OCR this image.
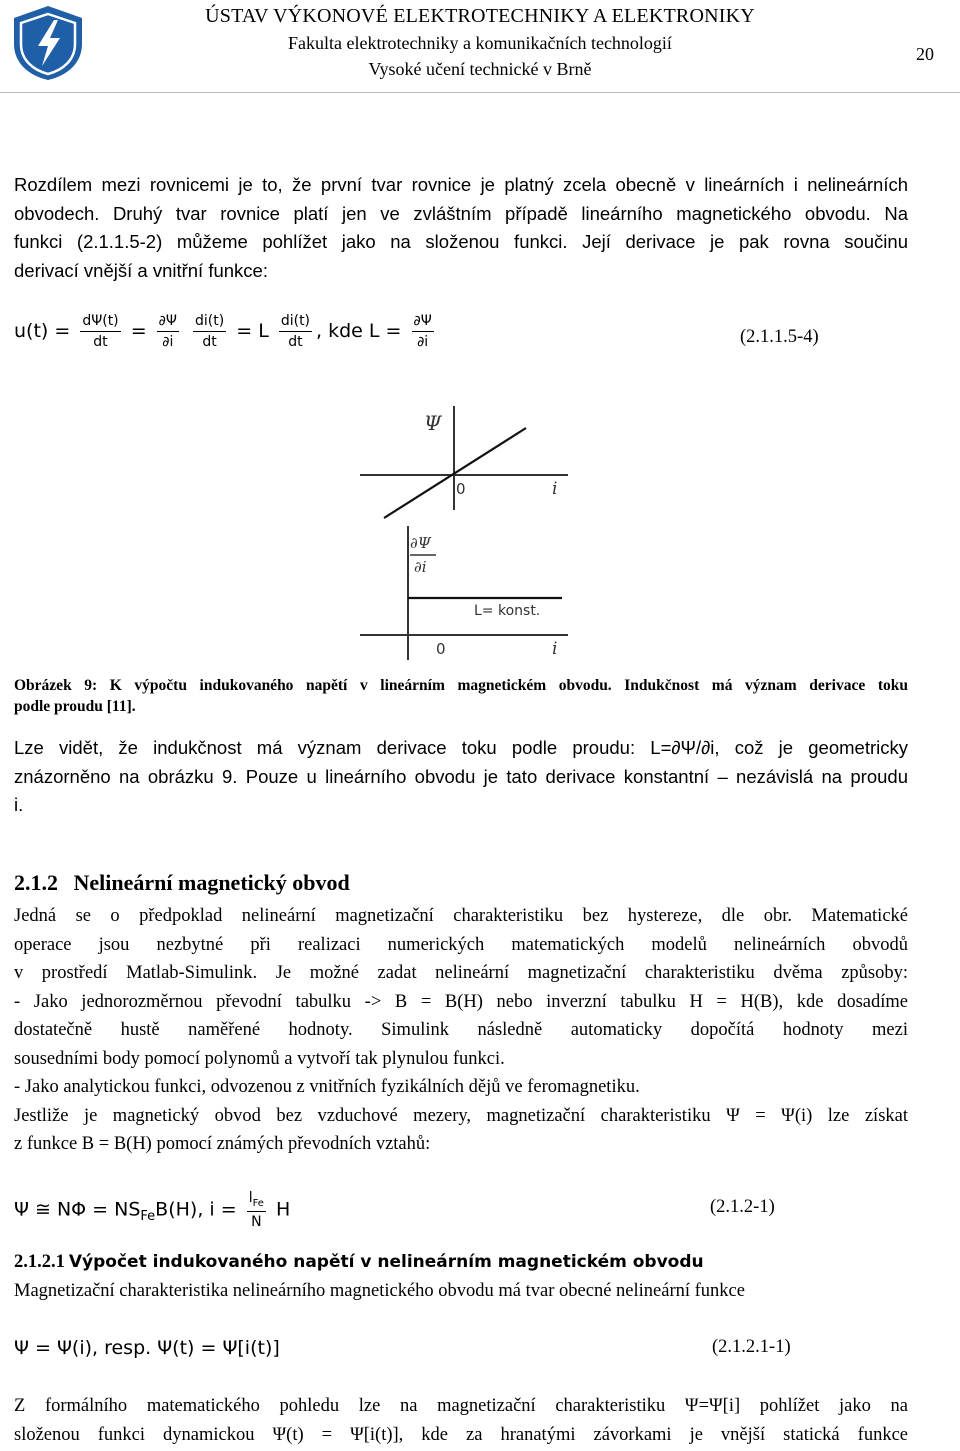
ÚSTAV VÝKONOVÉ ELEKTROTECHNIKY A ELEKTRONIKY
Fakulta elektrotechniky a komunikačních technologií
Vysoké učení technické v Brně
20
Rozdílem mezi rovnicemi je to, že první tvar rovnice je platný zcela obecně v lineárních i nelineárních
obvodech. Druhý tvar rovnice platí jen ve zvláštním případě lineárního magnetického obvodu. Na
funkci (2.1.1.5-2) můžeme pohlížet jako na složenou funkci. Její derivace je pak rovna součinu
derivací vnější a vnitřní funkce:
$u(t) = \frac{d\Psi(t)}{dt} = \frac{\partial\Psi}{\partial i}$
$\frac{di(t)}{dt} = L \frac{di(t)}{dt}$ , kde $L = \frac{\partial\Psi}{\partial i}$	(2.1.1.5-4)
Ψ
0	i
∂Ψ
∂i
L= konst.
0	i
Obrázek 9: K výpočtu indukovaného napětí v lineárním magnetickém obvodu. Indukčnost má význam derivace toku
podle proudu [11].
Lze vidět, že indukčnost má význam derivace toku podle proudu: L=∂Ψ/∂i, což je geometricky
znázorněno na obrázku 9. Pouze u lineárního obvodu je tato derivace konstantní – nezávislá na proudu
i.
2.1.2 Nelineární magnetický obvod
Jedná se o předpoklad nelineární magnetizační charakteristiku bez hystereze, dle obr. Matematické
operace jsou nezbytné při realizaci numerických matematických modelů nelineárních obvodů
v prostředí Matlab-Simulink. Je možné zadat nelineární magnetizační charakteristiku dvěma způsoby:
- Jako jednorozměrnou převodní tabulku -> B = B(H) nebo inverzní tabulku H = H(B), kde dosadíme
dostatečně hustě naměřené hodnoty. Simulink následně automaticky dopočítá hodnoty mezi
sousedními body pomocí polynomů a vytvoří tak plynulou funkci.
- Jako analytickou funkci, odvozenou z vnitřních fyzikálních dějů ve feromagnetiku.
Jestliže je magnetický obvod bez vzduchové mezery, magnetizační charakteristiku Ψ = Ψ(i) lze získat
z funkce B = B(H) pomocí známých převodních vztahů:
Ψ ≅ $N\Phi = NS_{Fe}B(H)$, $i = \frac{l_{Fe}}{N}$ H	(2.1.2-1)
2.1.2.1 Výpočet indukovaného napětí v nelineárním magnetickém obvodu
Magnetizační charakteristika nelineárního magnetického obvodu má tvar obecné nelineární funkce
Ψ = Ψ(i), resp. Ψ(t) = Ψ[i(t)]	(2.1.2.1-1)
Z formálního matematického pohledu lze na magnetizační charakteristiku Ψ=Ψ[i] pohlížet jako na
složenou funkci dynamickou Ψ(t) = Ψ[i(t)], kde za hranatými závorkami je vnější statická funkce
